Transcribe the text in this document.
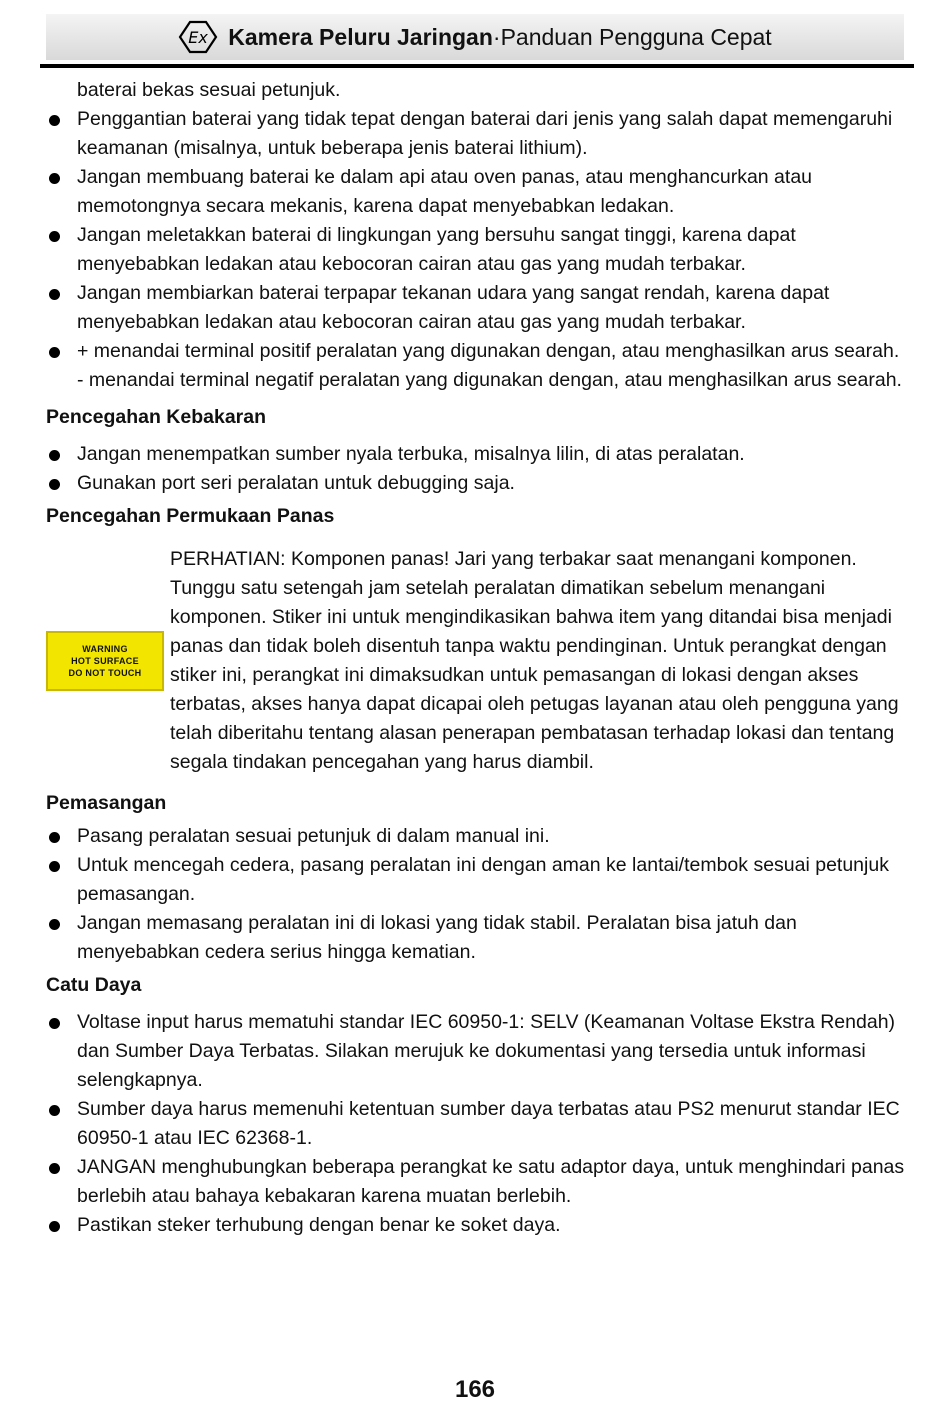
Ex Kamera Peluru Jaringan·Panduan Pengguna Cepat

baterai bekas sesuai petunjuk.

Penggantian baterai yang tidak tepat dengan baterai dari jenis yang salah dapat memengaruhi keamanan (misalnya, untuk beberapa jenis baterai lithium).
Jangan membuang baterai ke dalam api atau oven panas, atau menghancurkan atau memotongnya secara mekanis, karena dapat menyebabkan ledakan.
Jangan meletakkan baterai di lingkungan yang bersuhu sangat tinggi, karena dapat menyebabkan ledakan atau kebocoran cairan atau gas yang mudah terbakar.
Jangan membiarkan baterai terpapar tekanan udara yang sangat rendah, karena dapat menyebabkan ledakan atau kebocoran cairan atau gas yang mudah terbakar.
+ menandai terminal positif peralatan yang digunakan dengan, atau menghasilkan arus searah. - menandai terminal negatif peralatan yang digunakan dengan, atau menghasilkan arus searah.
Pencegahan Kebakaran
Jangan menempatkan sumber nyala terbuka, misalnya lilin, di atas peralatan.
Gunakan port seri peralatan untuk debugging saja.
Pencegahan Permukaan Panas
WARNING
HOT SURFACE
DO NOT TOUCH
PERHATIAN: Komponen panas! Jari yang terbakar saat menangani komponen. Tunggu satu setengah jam setelah peralatan dimatikan sebelum menangani komponen. Stiker ini untuk mengindikasikan bahwa item yang ditandai bisa menjadi panas dan tidak boleh disentuh tanpa waktu pendinginan. Untuk perangkat dengan stiker ini, perangkat ini dimaksudkan untuk pemasangan di lokasi dengan akses terbatas, akses hanya dapat dicapai oleh petugas layanan atau oleh pengguna yang telah diberitahu tentang alasan penerapan pembatasan terhadap lokasi dan tentang segala tindakan pencegahan yang harus diambil.
Pemasangan
Pasang peralatan sesuai petunjuk di dalam manual ini.
Untuk mencegah cedera, pasang peralatan ini dengan aman ke lantai/tembok sesuai petunjuk pemasangan.
Jangan memasang peralatan ini di lokasi yang tidak stabil. Peralatan bisa jatuh dan menyebabkan cedera serius hingga kematian.
Catu Daya
Voltase input harus mematuhi standar IEC 60950-1: SELV (Keamanan Voltase Ekstra Rendah) dan Sumber Daya Terbatas. Silakan merujuk ke dokumentasi yang tersedia untuk informasi selengkapnya.
Sumber daya harus memenuhi ketentuan sumber daya terbatas atau PS2 menurut standar IEC 60950-1 atau IEC 62368-1.
JANGAN menghubungkan beberapa perangkat ke satu adaptor daya, untuk menghindari panas berlebih atau bahaya kebakaran karena muatan berlebih.
Pastikan steker terhubung dengan benar ke soket daya.
166
